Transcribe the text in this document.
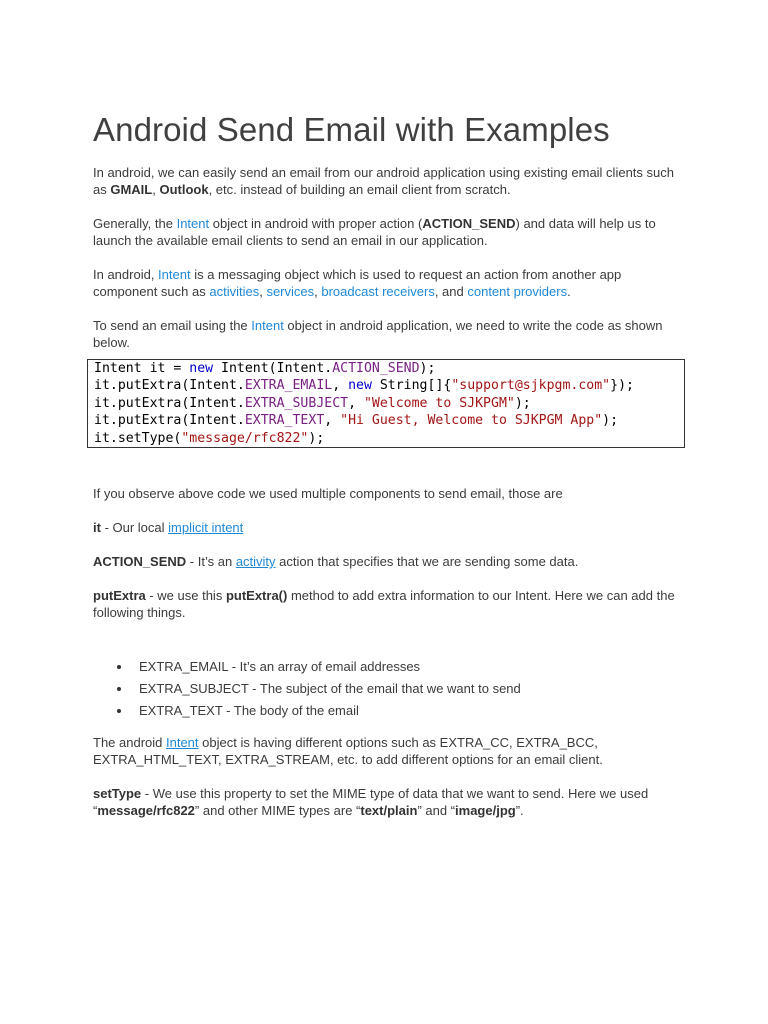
Android Send Email with Examples

In android, we can easily send an email from our android application using existing email clients such as GMAIL, Outlook, etc. instead of building an email client from scratch.

Generally, the Intent object in android with proper action (ACTION_SEND) and data will help us to launch the available email clients to send an email in our application.

In android, Intent is a messaging object which is used to request an action from another app component such as activities, services, broadcast receivers, and content providers.

To send an email using the Intent object in android application, we need to write the code as shown below.

Intent it = new Intent(Intent.ACTION_SEND);
it.putExtra(Intent.EXTRA_EMAIL, new String[]{"support@sjkpgm.com"});
it.putExtra(Intent.EXTRA_SUBJECT, "Welcome to SJKPGM");
it.putExtra(Intent.EXTRA_TEXT, "Hi Guest, Welcome to SJKPGM App");
it.setType("message/rfc822");

If you observe above code we used multiple components to send email, those are

it - Our local implicit intent

ACTION_SEND - It’s an activity action that specifies that we are sending some data.

putExtra - we use this putExtra() method to add extra information to our Intent. Here we can add the following things.

EXTRA_EMAIL - It’s an array of email addresses
EXTRA_SUBJECT - The subject of the email that we want to send
EXTRA_TEXT - The body of the email

The android Intent object is having different options such as EXTRA_CC, EXTRA_BCC, EXTRA_HTML_TEXT, EXTRA_STREAM, etc. to add different options for an email client.

setType - We use this property to set the MIME type of data that we want to send. Here we used “message/rfc822” and other MIME types are “text/plain” and “image/jpg”.
